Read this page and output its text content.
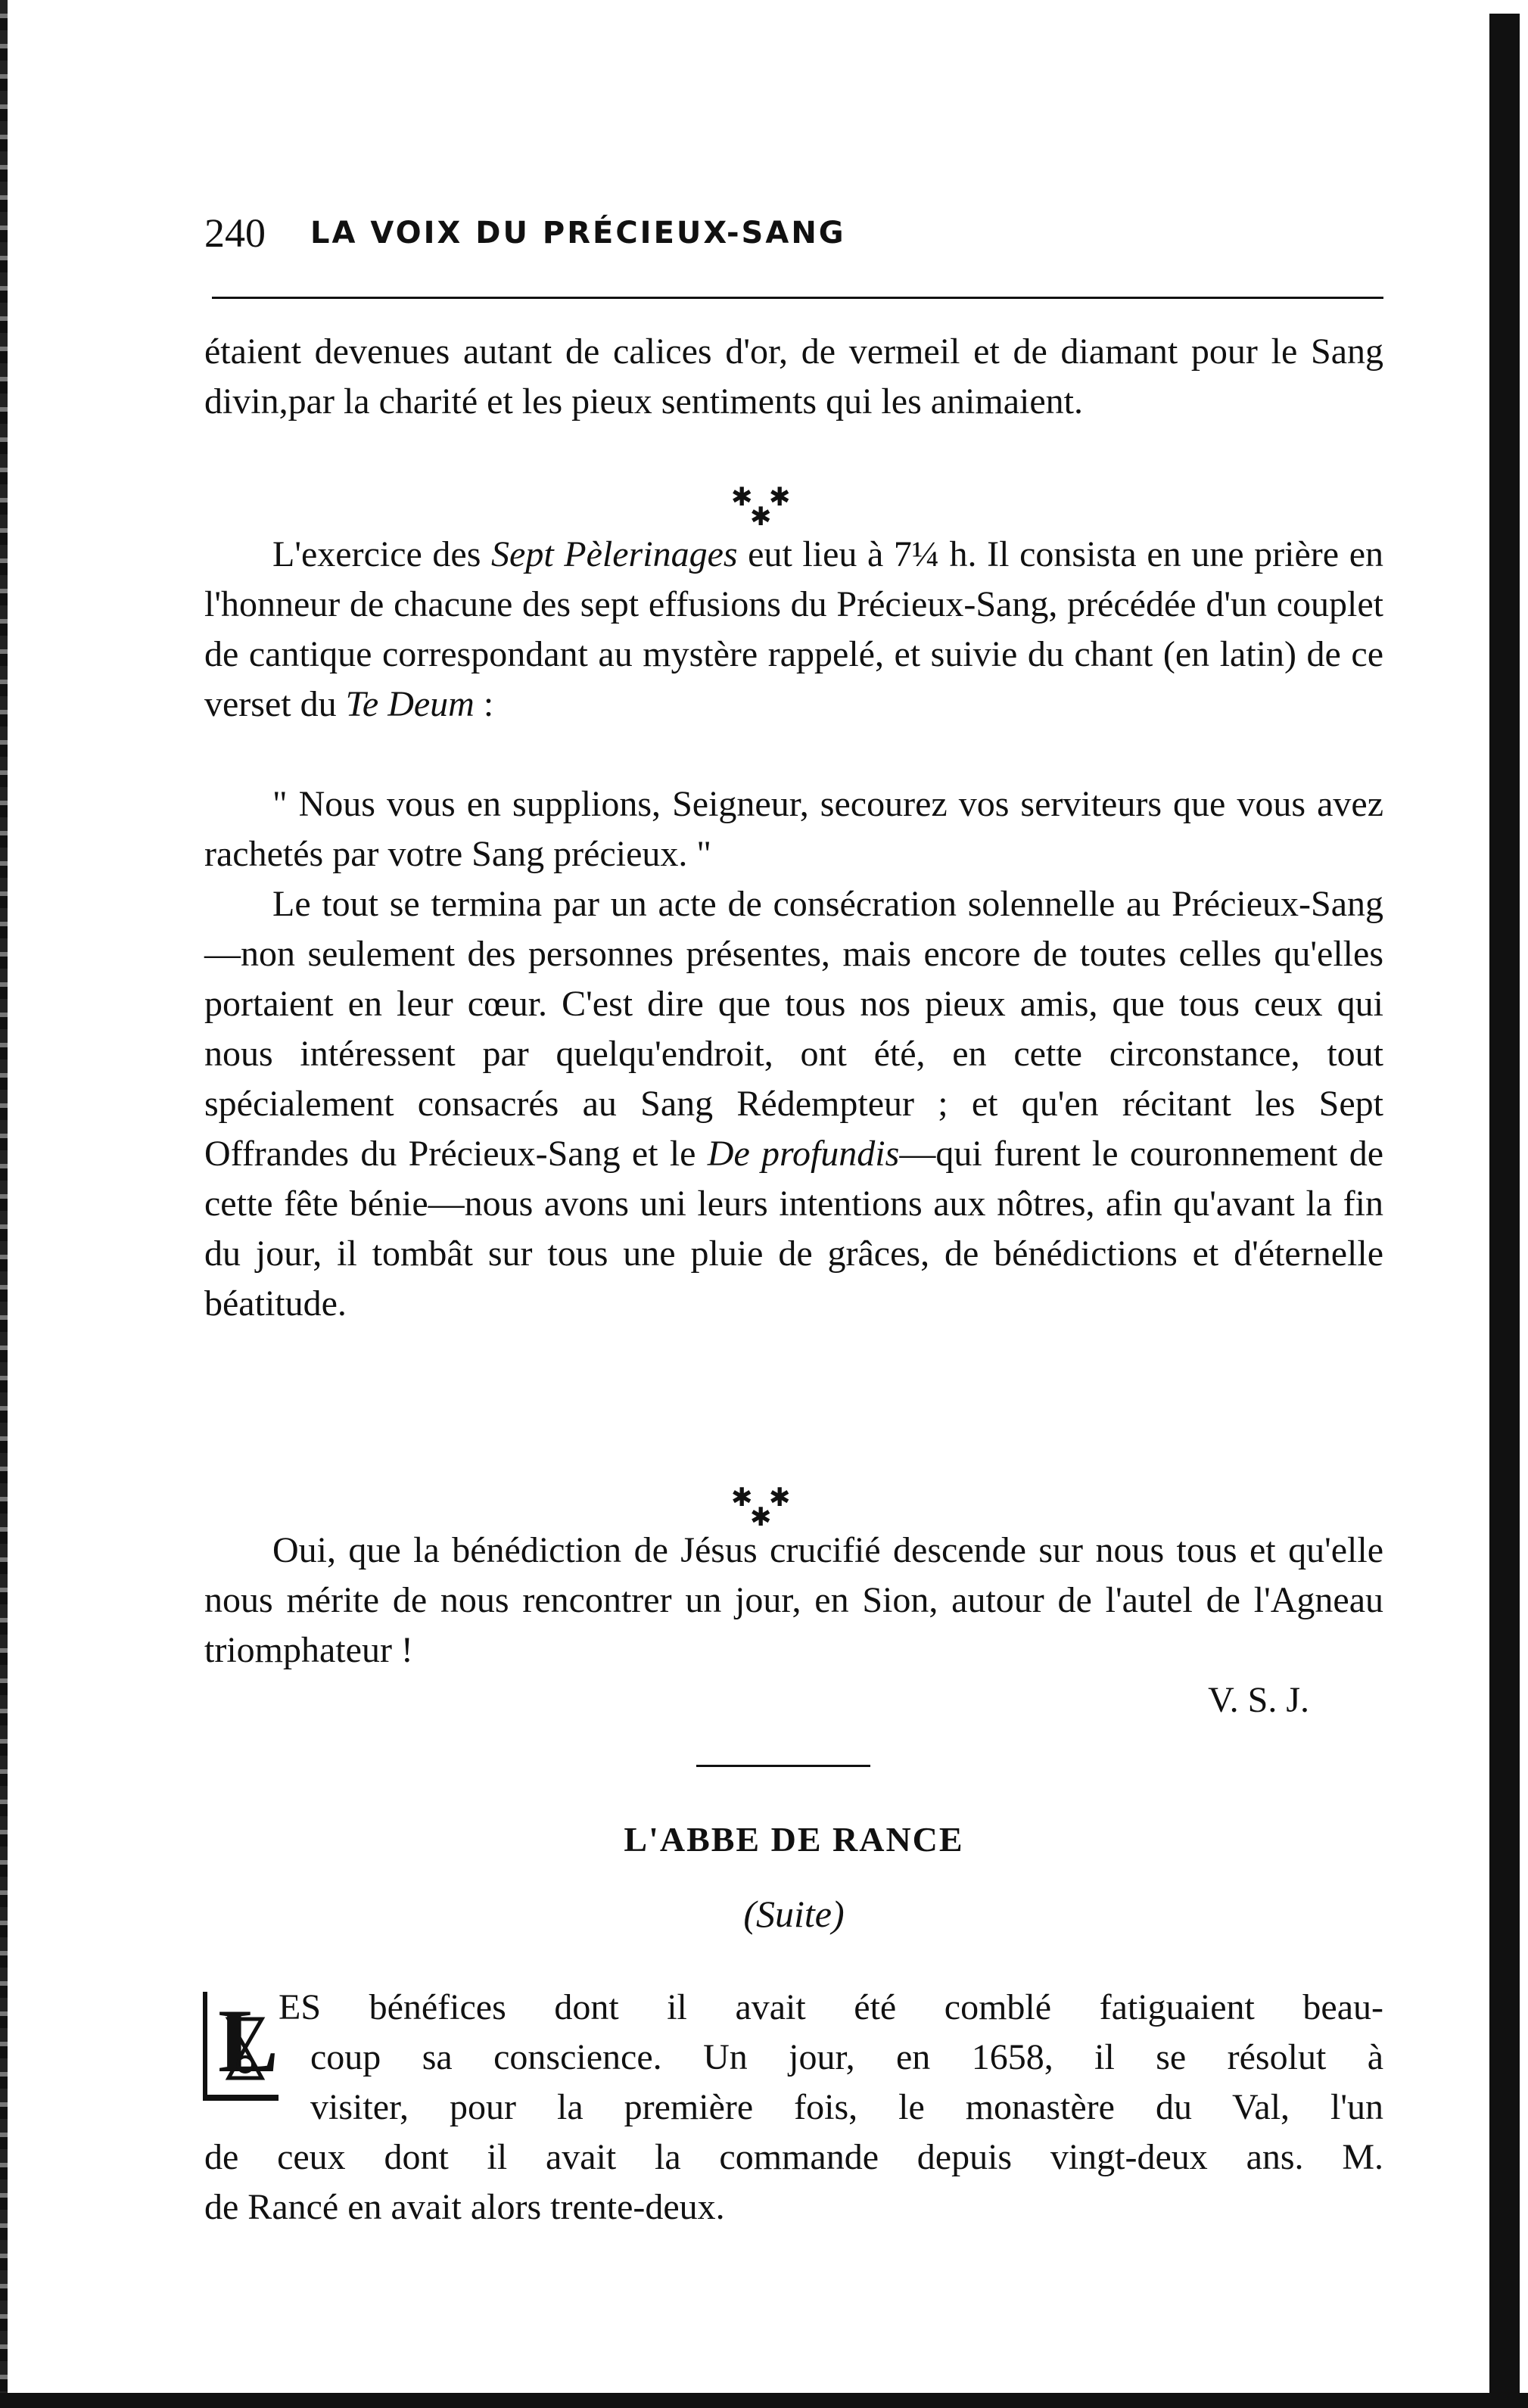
240 LA VOIX DU PRÉCIEUX-SANG

étaient devenues autant de calices d'or, de vermeil et de diamant pour le Sang divin,par la charité et les pieux sentiments qui les animaient.

✱ ✱
✱

L'exercice des Sept Pèlerinages eut lieu à 7¼ h. Il consista en une prière en l'honneur de chacune des sept effusions du Précieux-Sang, précédée d'un couplet de cantique correspondant au mystère rappelé, et suivie du chant (en latin) de ce verset du Te Deum :

" Nous vous en supplions, Seigneur, secourez vos serviteurs que vous avez rachetés par votre Sang précieux. "

Le tout se termina par un acte de consécration solennelle au Précieux-Sang—non seulement des personnes présentes, mais encore de toutes celles qu'elles portaient en leur cœur. C'est dire que tous nos pieux amis, que tous ceux qui nous intéressent par quelqu'endroit, ont été, en cette circonstance, tout spécialement consacrés au Sang Rédempteur ; et qu'en récitant les Sept Offrandes du Précieux-Sang et le De profundis—qui furent le couronnement de cette fête bénie—nous avons uni leurs intentions aux nôtres, afin qu'avant la fin du jour, il tombât sur tous une pluie de grâces, de bénédictions et d'éternelle béatitude.

✱ ✱
✱

Oui, que la bénédiction de Jésus crucifié descende sur nous tous et qu'elle nous mérite de nous rencontrer un jour, en Sion, autour de l'autel de l'Agneau triomphateur !

V. S. J.
L'ABBE DE RANCE
(Suite)
L ES bénéfices dont il avait été comblé fatiguaient beau-
coup sa conscience. Un jour, en 1658, il se résolut à
visiter, pour la première fois, le monastère du Val, l'un
de ceux dont il avait la commande depuis vingt-deux ans. M.
de Rancé en avait alors trente-deux.
